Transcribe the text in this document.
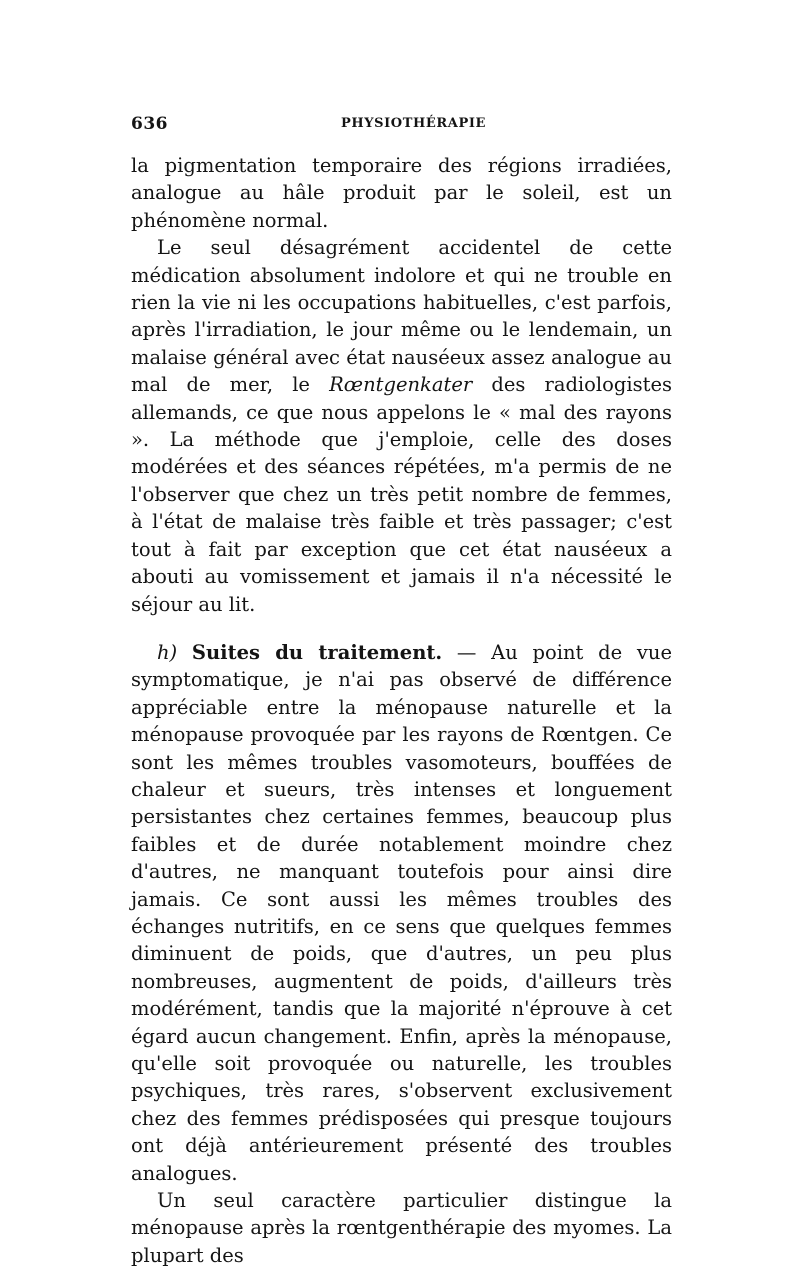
636	PHYSIOTHÉRAPIE

la pigmentation temporaire des régions irradiées, analogue au hâle produit par le soleil, est un phénomène normal.

Le seul désagrément accidentel de cette médication absolument indolore et qui ne trouble en rien la vie ni les occupations habituelles, c'est parfois, après l'irradiation, le jour même ou le lendemain, un malaise général avec état nauséeux assez analogue au mal de mer, le Rœntgenkater des radiologistes allemands, ce que nous appelons le « mal des rayons ». La méthode que j'emploie, celle des doses modérées et des séances répétées, m'a permis de ne l'observer que chez un très petit nombre de femmes, à l'état de malaise très faible et très passager; c'est tout à fait par exception que cet état nauséeux a abouti au vomissement et jamais il n'a nécessité le séjour au lit.

h) Suites du traitement. — Au point de vue symptomatique, je n'ai pas observé de différence appréciable entre la ménopause naturelle et la ménopause provoquée par les rayons de Rœntgen. Ce sont les mêmes troubles vasomoteurs, bouffées de chaleur et sueurs, très intenses et longuement persistantes chez certaines femmes, beaucoup plus faibles et de durée notablement moindre chez d'autres, ne manquant toutefois pour ainsi dire jamais. Ce sont aussi les mêmes troubles des échanges nutritifs, en ce sens que quelques femmes diminuent de poids, que d'autres, un peu plus nombreuses, augmentent de poids, d'ailleurs très modérément, tandis que la majorité n'éprouve à cet égard aucun changement. Enfin, après la ménopause, qu'elle soit provoquée ou naturelle, les troubles psychiques, très rares, s'observent exclusivement chez des femmes prédisposées qui presque toujours ont déjà antérieurement présenté des troubles analogues.

Un seul caractère particulier distingue la ménopause après la rœntgenthérapie des myomes. La plupart des
